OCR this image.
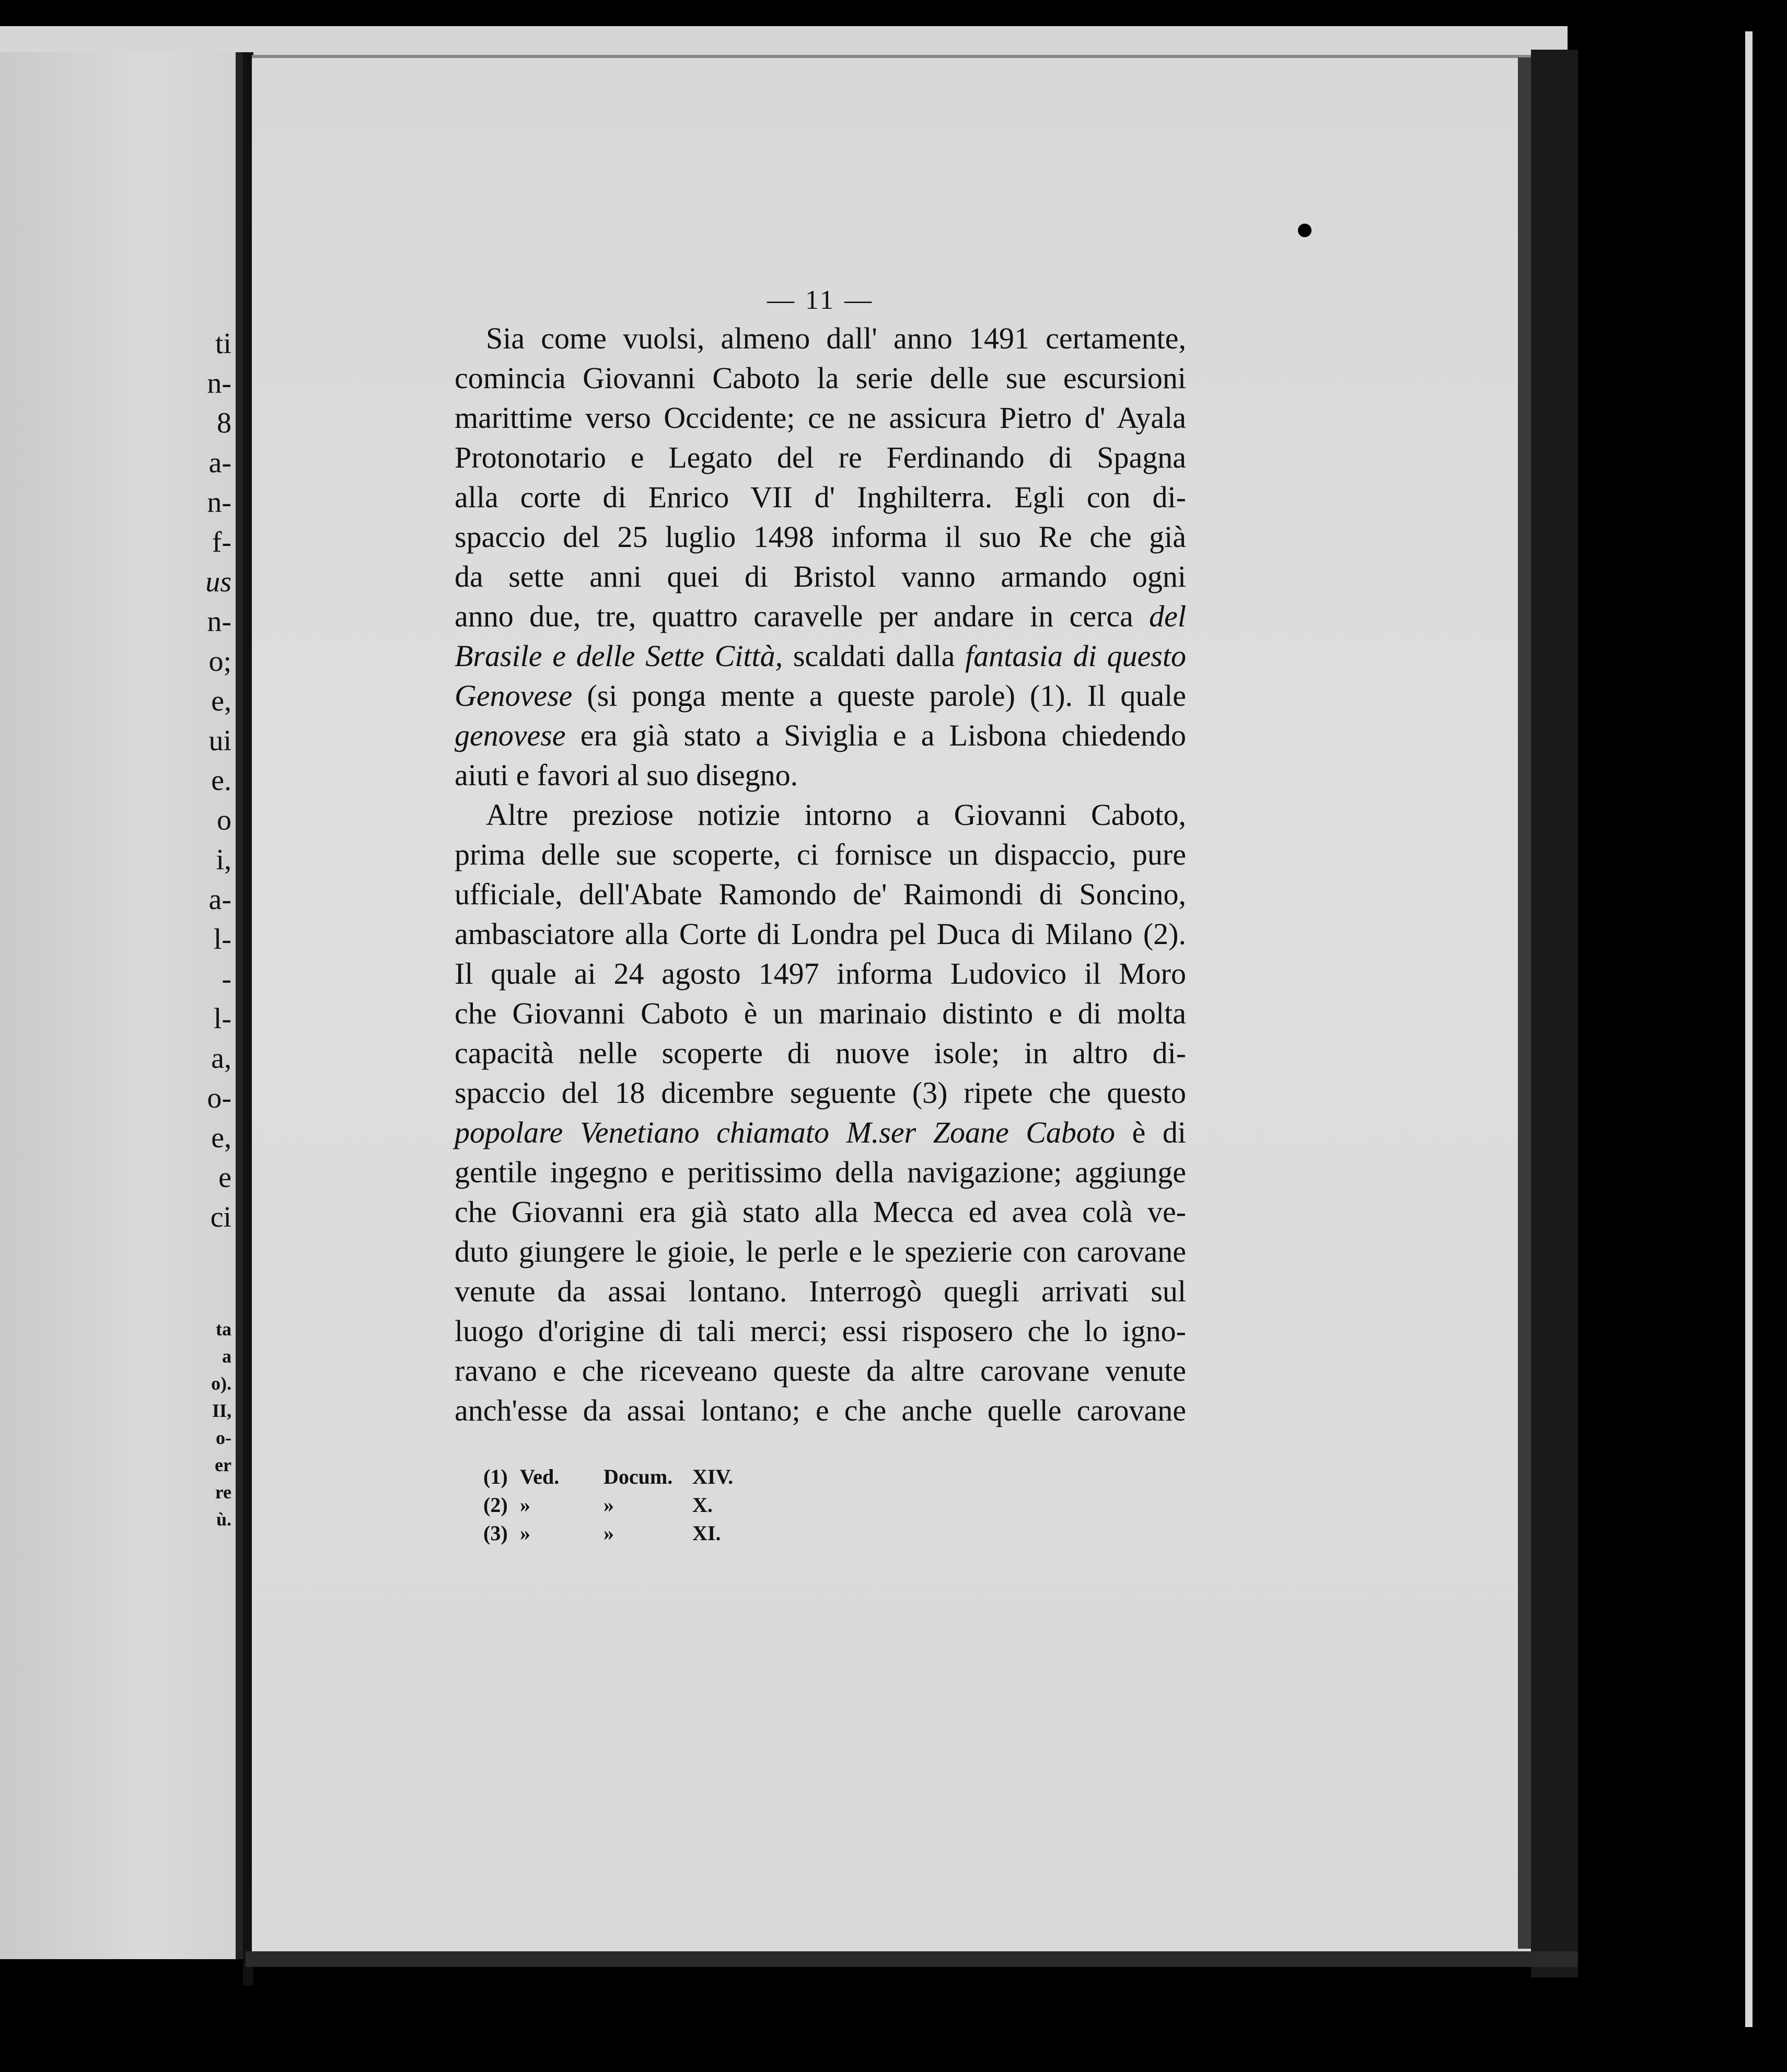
ti
n-
8
a-
n-
f-
us
n-
o;
e,
ui
e.
o
i,
a-
l-
-
l-
a,
o-
e,
e
ci
ta
a
o).
II,
o-
er
re
ù.
— 11 —
Sia come vuolsi, almeno dall' anno 1491 certamente,
comincia Giovanni Caboto la serie delle sue escursioni
marittime verso Occidente; ce ne assicura Pietro d' Ayala
Protonotario e Legato del re Ferdinando di Spagna
alla corte di Enrico VII d' Inghilterra. Egli con di-
spaccio del 25 luglio 1498 informa il suo Re che già
da sette anni quei di Bristol vanno armando ogni
anno due, tre, quattro caravelle per andare in cerca del
Brasile e delle Sette Città, scaldati dalla fantasia di questo
Genovese (si ponga mente a queste parole) (1). Il quale
genovese era già stato a Siviglia e a Lisbona chiedendo
aiuti e favori al suo disegno.
Altre preziose notizie intorno a Giovanni Caboto,
prima delle sue scoperte, ci fornisce un dispaccio, pure
ufficiale, dell'Abate Ramondo de' Raimondi di Soncino,
ambasciatore alla Corte di Londra pel Duca di Milano (2).
Il quale ai 24 agosto 1497 informa Ludovico il Moro
che Giovanni Caboto è un marinaio distinto e di molta
capacità nelle scoperte di nuove isole; in altro di-
spaccio del 18 dicembre seguente (3) ripete che questo
popolare Venetiano chiamato M.ser Zoane Caboto è di
gentile ingegno e peritissimo della navigazione; aggiunge
che Giovanni era già stato alla Mecca ed avea colà ve-
duto giungere le gioie, le perle e le spezierie con carovane
venute da assai lontano. Interrogò quegli arrivati sul
luogo d'origine di tali merci; essi risposero che lo igno-
ravano e che riceveano queste da altre carovane venute
anch'esse da assai lontano; e che anche quelle carovane
(1) Ved.	Docum. XIV.
(2) »	»	X.
(3) »	»	XI.
